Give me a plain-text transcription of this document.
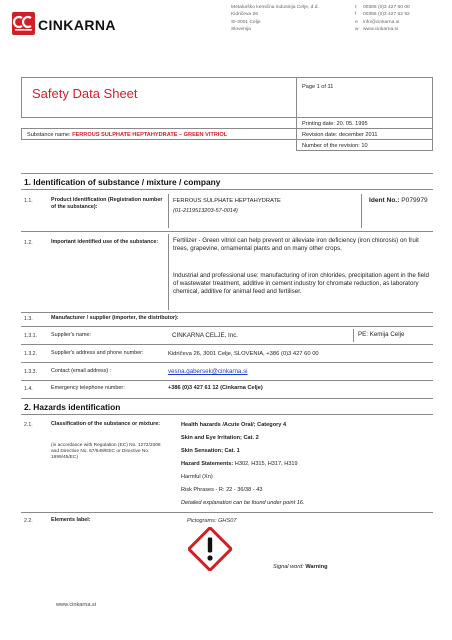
CINKARNA
Metalurško kemična industrija Celje, d.d.
Kidričeva 26
SI-3001 Celje
Slovenija
t 00386 (0)3 427 60 00
f 00386 (0)3 427 62 92
e info@cinkarna.si
w www.cinkarna.si
Safety Data Sheet	Page 1 of 11
Printing date: 20. 05. 1995
Substance name: FERROUS SULPHATE HEPTAHYDRATE – GREEN VITRIOL	Revision date: december 2011
Number of the revision: 10
1. Identification of substance / mixture / company
1.1.	Product identification (Registration number of the substance):
FERROUS SULPHATE HEPTAHYDRATE
(01-2119513203-57-0014)
Ident No.: P079979
1.2.	Important identified use of the substance:	Fertilizer - Green vitriol can help prevent or alleviate iron deficiency (iron chlorosis) on fruit trees, grapevine, ornamental plants and on many other crops.
Industrial and professional use: manufacturing of iron chlorides, precipitation agent in the field of wastewater treatment, additive in cement industry for chromate reduction, as laboratory chemical, additive for animal feed and fertiliser.
1.3.	Manufacturer / supplier (importer, the distributor):
1.3.1.	Supplier's name:	CINKARNA CELJE, Inc.	PE: Kemija Celje
1.3.2.	Supplier's address and phone number:	Kidričeva 26, 3001 Celje, SLOVENIA, +386 (0)3 427 60 00
1.3.3.	Contact (email address) :	vesna.gabersek@cinkarna.si
1.4.	Emergency telephone number:	+386 (0)3 427 61 12 (Cinkarna Celje)
2. Hazards identification
2.1.	Classification of the substance or mixture:
(in accordance with Regulation (EC) No. 1272/2008 and Directive No. 67/548/EEC or Directive No. 1999/45/EC)
Health hazards /Acute Oral/; Category 4
Skin and Eye Irritation; Cat. 2
Skin Sensation; Cat. 1
Hazard Statements: H302, H315, H317, H319
Harmful (Xn)
Risk Phrases - R: 22 - 36/38 - 43
Detailed explanation can be found under point 16.
2.2.	Elements label:	Pictograms: GHS07
Signal word: Warning
www.cinkarna.si
